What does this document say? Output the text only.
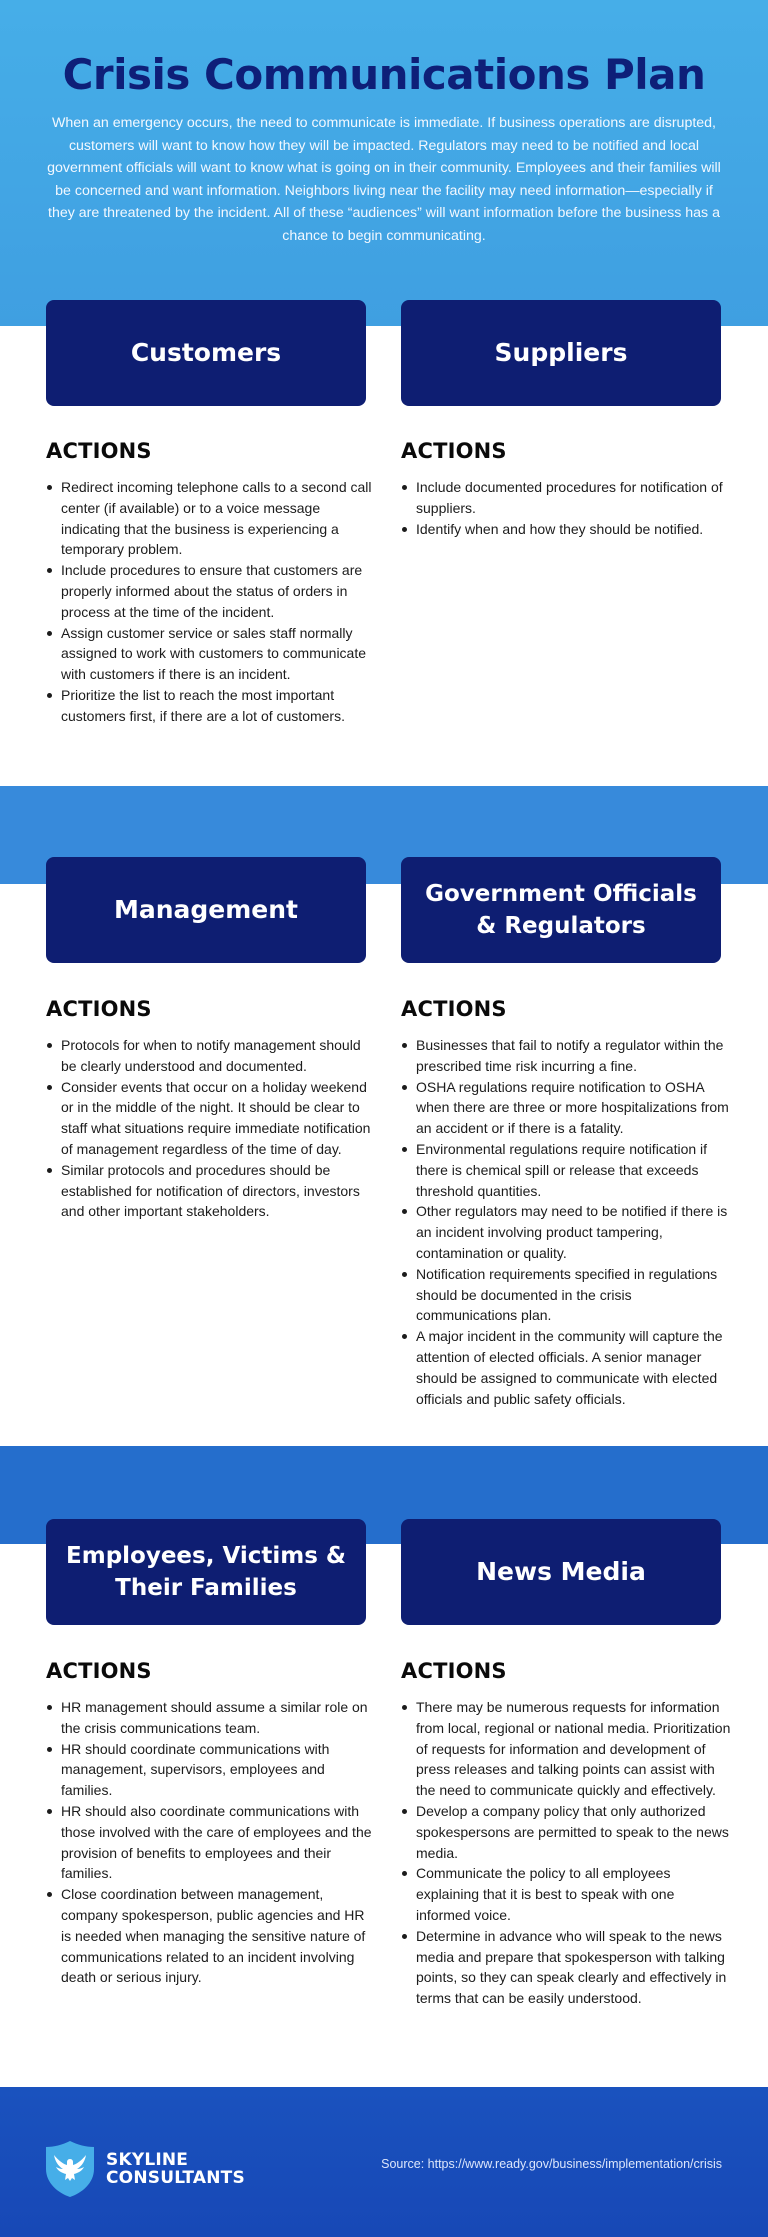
Crisis Communications Plan

When an emergency occurs, the need to communicate is immediate. If business operations are disrupted, customers will want to know how they will be impacted. Regulators may need to be notified and local government officials will want to know what is going on in their community. Employees and their families will be concerned and want information. Neighbors living near the facility may need information—especially if they are threatened by the incident. All of these “audiences” will want information before the business has a chance to begin communicating.

Customers	Suppliers
ACTIONS
Redirect incoming telephone calls to a second call center (if available) or to a voice message indicating that the business is experiencing a temporary problem.
Include procedures to ensure that customers are properly informed about the status of orders in process at the time of the incident.
Assign customer service or sales staff normally assigned to work with customers to communicate with customers if there is an incident.
Prioritize the list to reach the most important customers first, if there are a lot of customers.
ACTIONS
Include documented procedures for notification of suppliers.
Identify when and how they should be notified.
Management
Government Officials & Regulators
ACTIONS
Protocols for when to notify management should be clearly understood and documented.
Consider events that occur on a holiday weekend or in the middle of the night. It should be clear to staff what situations require immediate notification of management regardless of the time of day.
Similar protocols and procedures should be established for notification of directors, investors and other important stakeholders.
ACTIONS
Businesses that fail to notify a regulator within the prescribed time risk incurring a fine.
OSHA regulations require notification to OSHA when there are three or more hospitalizations from an accident or if there is a fatality.
Environmental regulations require notification if there is chemical spill or release that exceeds threshold quantities.
Other regulators may need to be notified if there is an incident involving product tampering, contamination or quality.
Notification requirements specified in regulations should be documented in the crisis communications plan.
A major incident in the community will capture the attention of elected officials. A senior manager should be assigned to communicate with elected officials and public safety officials.
Employees, Victims & Their Families
News Media
ACTIONS
HR management should assume a similar role on the crisis communications team.
HR should coordinate communications with management, supervisors, employees and families.
HR should also coordinate communications with those involved with the care of employees and the provision of benefits to employees and their families.
Close coordination between management, company spokesperson, public agencies and HR is needed when managing the sensitive nature of communications related to an incident involving death or serious injury.
ACTIONS
There may be numerous requests for information from local, regional or national media. Prioritization of requests for information and development of press releases and talking points can assist with the need to communicate quickly and effectively.
Develop a company policy that only authorized spokespersons are permitted to speak to the news media.
Communicate the policy to all employees explaining that it is best to speak with one informed voice.
Determine in advance who will speak to the news media and prepare that spokesperson with talking points, so they can speak clearly and effectively in terms that can be easily understood.
SKYLINE
CONSULTANTS
Source: https://www.ready.gov/business/implementation/crisis
